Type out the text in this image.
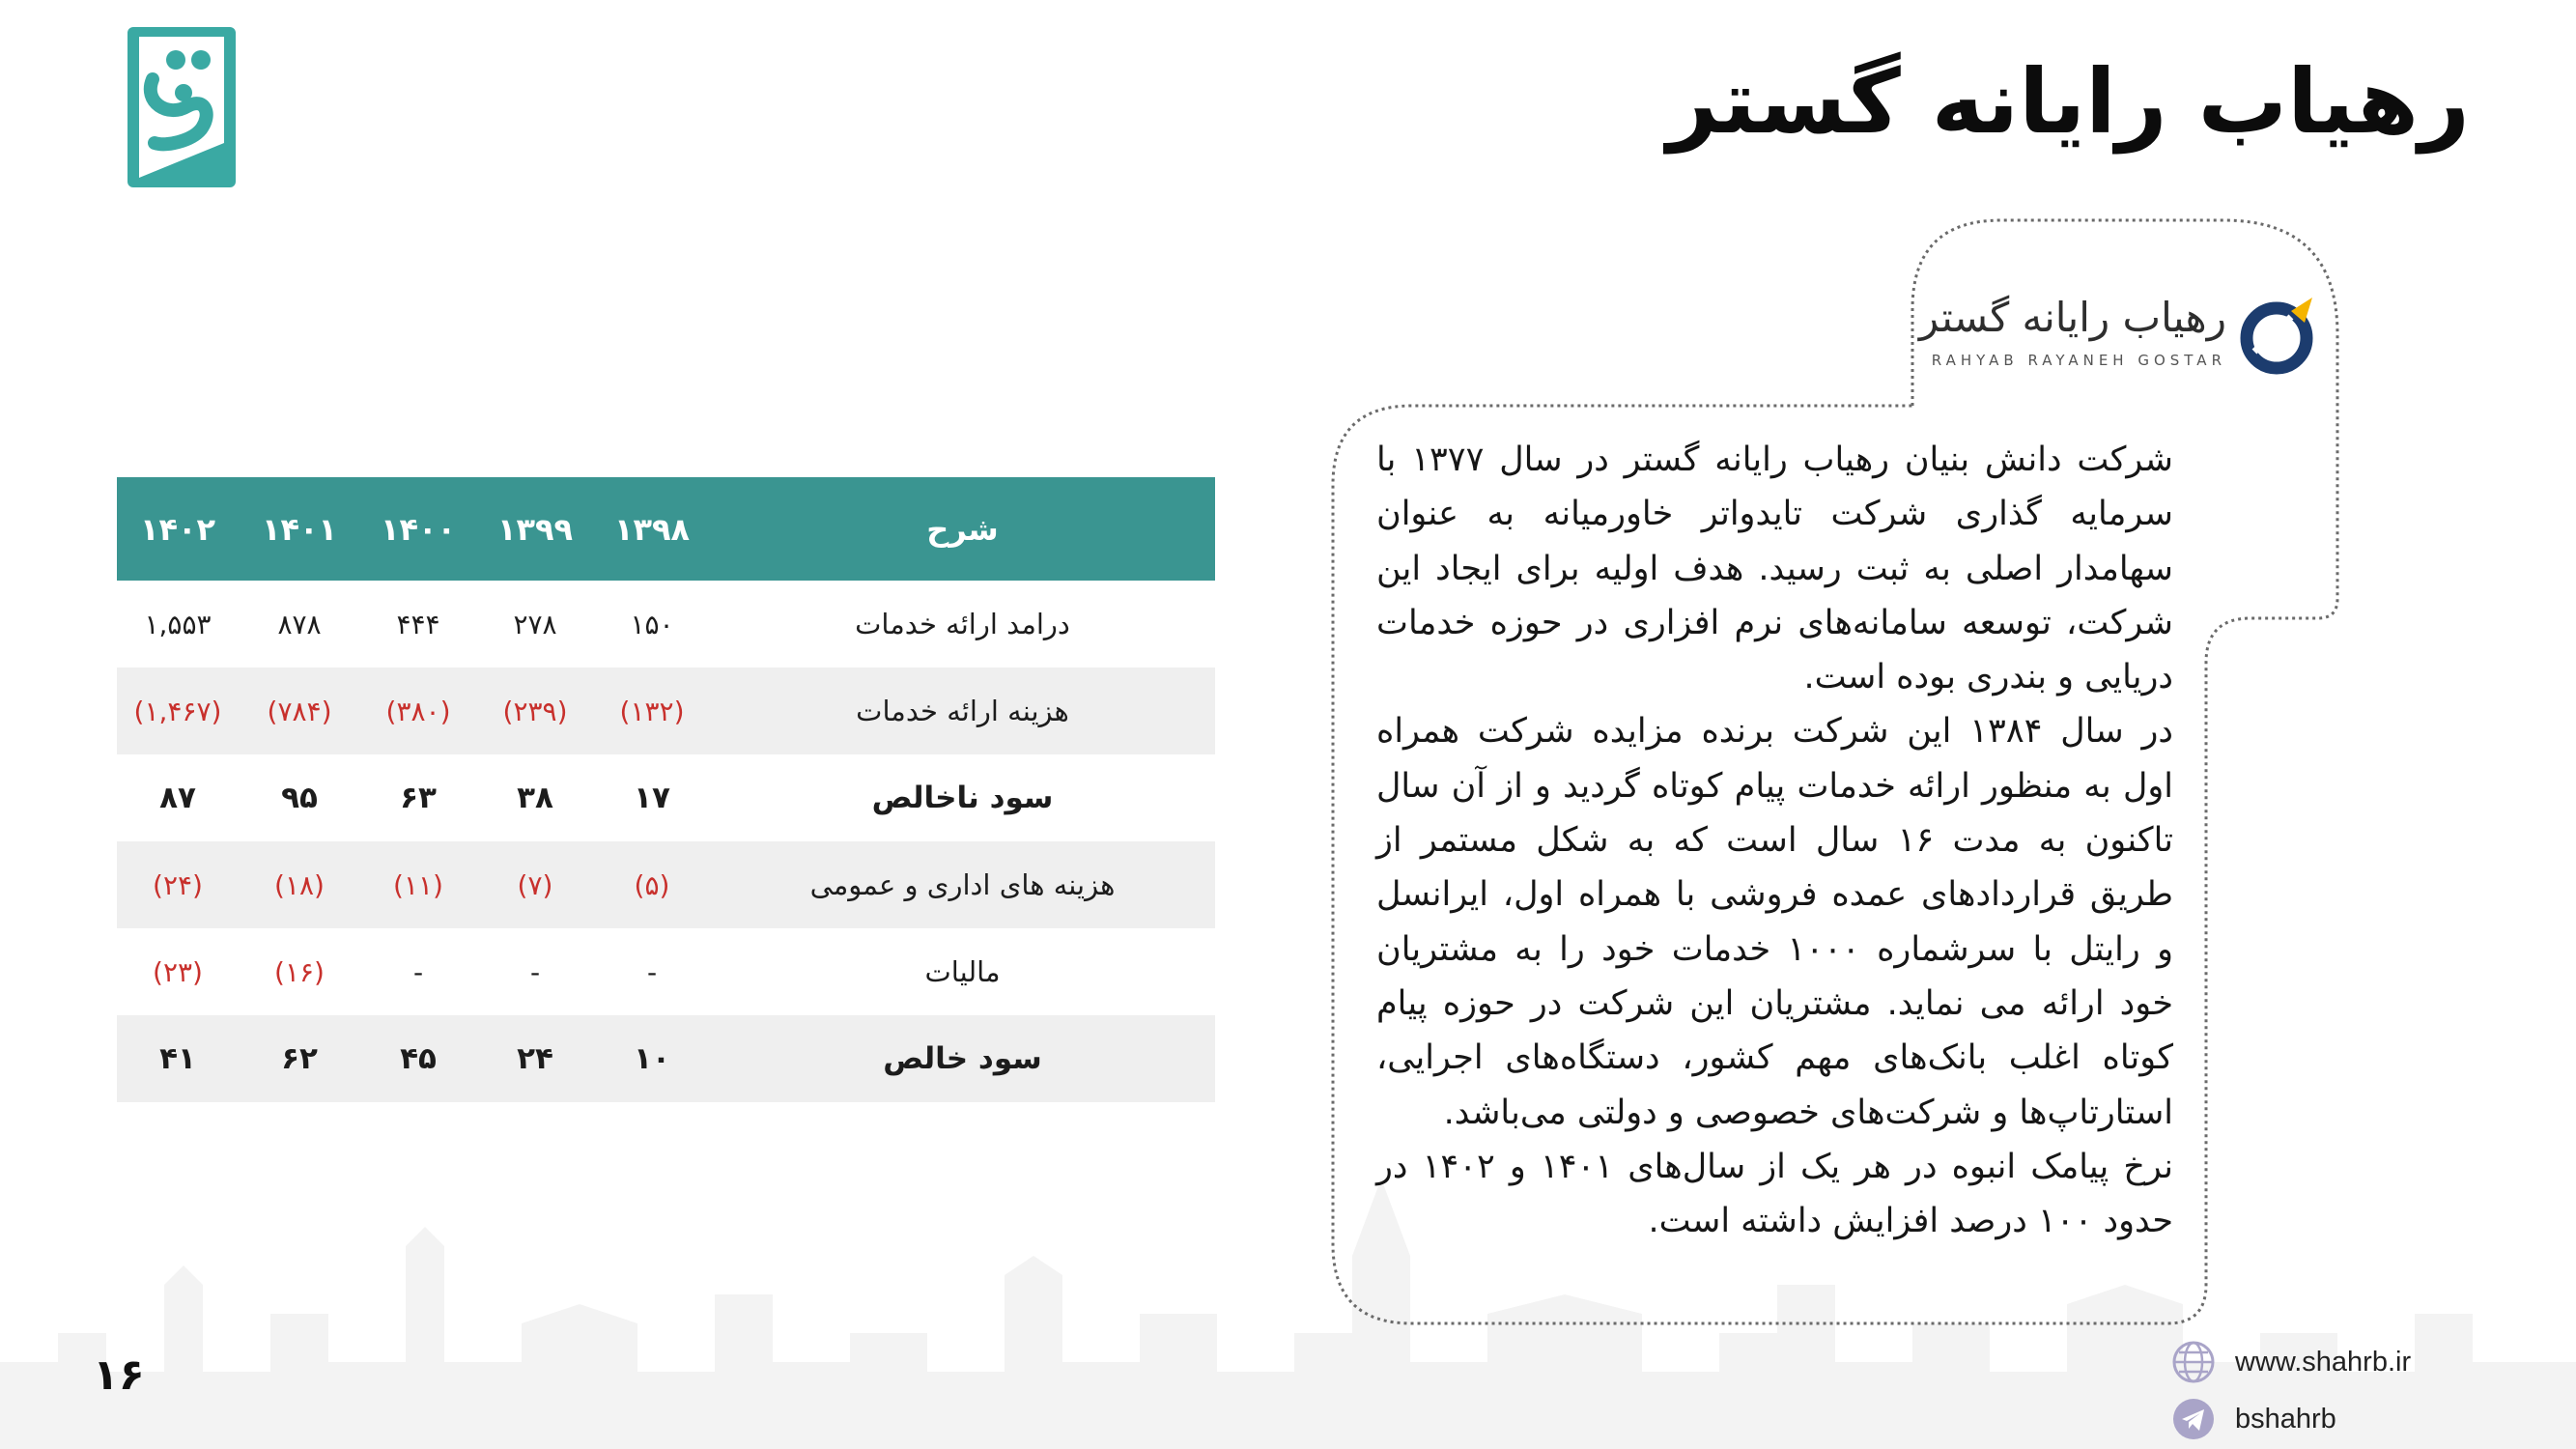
رهیاب رایانه گستر
رهیاب رایانه گستر
RAHYAB RAYANEH GOSTAR

شرکت دانش بنیان رهیاب رایانه گستر در سال ۱۳۷۷ با سرمایه گذاری شرکت تایدواتر خاورمیانه به عنوان سهامدار اصلی به ثبت رسید. هدف اولیه برای ایجاد این شرکت، توسعه سامانه‌های نرم افزاری در حوزه خدمات دریایی و بندری بوده است.

در سال ۱۳۸۴ این شرکت برنده مزایده شرکت همراه اول به منظور ارائه خدمات پیام کوتاه گردید و از آن سال تاکنون به مدت ۱۶ سال است که به شکل مستمر از طریق قراردادهای عمده فروشی با همراه اول، ایرانسل و رایتل با سرشماره ۱۰۰۰ خدمات خود را به مشتریان خود ارائه می نماید. مشتریان این شرکت در حوزه پیام کوتاه اغلب بانک‌های مهم کشور، دستگاه‌های اجرایی، استارتاپ‌ها و شرکت‌های خصوصی و دولتی می‌باشد.

نرخ پیامک انبوه در هر یک از سال‌های ۱۴۰۱ و ۱۴۰۲ در حدود ۱۰۰ درصد افزایش داشته است.

شرح	۱۳۹۸	۱۳۹۹	۱۴۰۰	۱۴۰۱	۱۴۰۲
درامد ارائه خدمات	۱۵۰	۲۷۸	۴۴۴	۸۷۸	۱,۵۵۳
هزینه ارائه خدمات	(۱۳۲)	(۲۳۹)	(۳۸۰)	(۷۸۴)	(۱,۴۶۷)
سود ناخالص	۱۷	۳۸	۶۳	۹۵	۸۷
هزینه های اداری و عمومی	(۵)	(۷)	(۱۱)	(۱۸)	(۲۴)
مالیات	-	-	-	(۱۶)	(۲۳)
سود خالص	۱۰	۲۴	۴۵	۶۲	۴۱
۱۶	www.shahrb.ir
bshahrb
